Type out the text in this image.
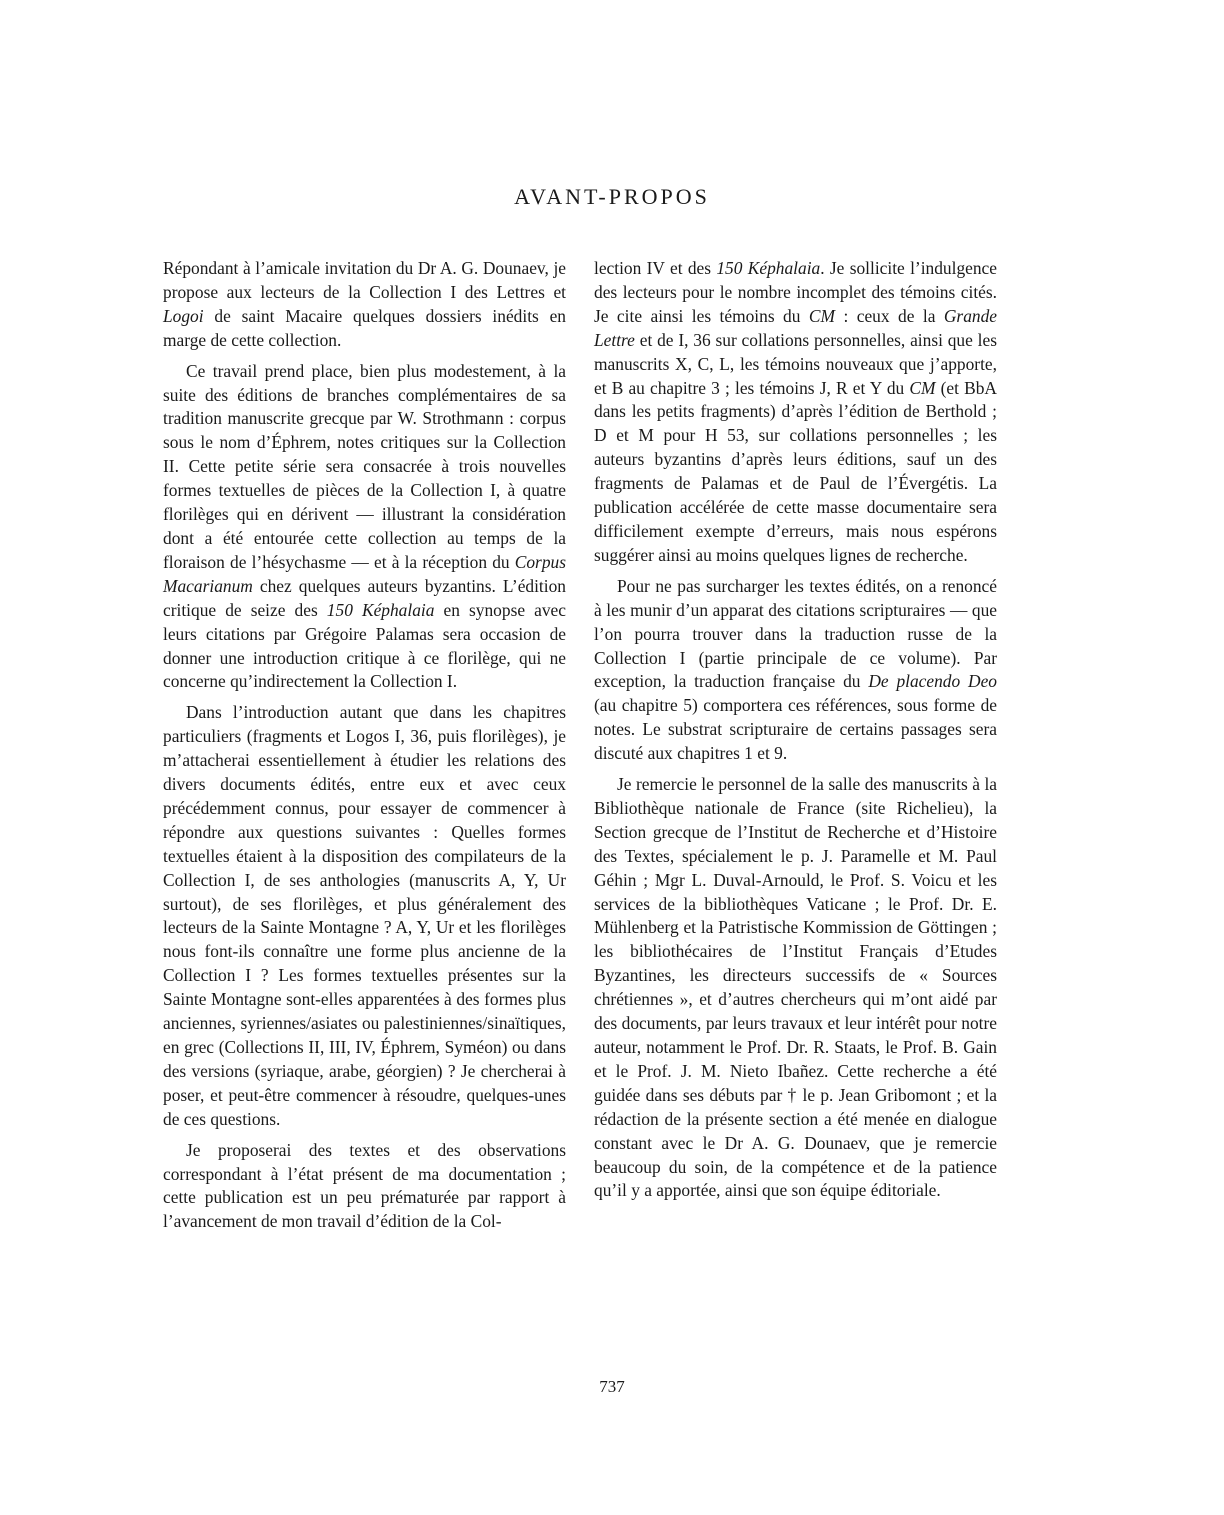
AVANT-PROPOS

Répondant à l’amicale invitation du Dr A. G. Dounaev, je propose aux lecteurs de la Collection I des Lettres et Logoi de saint Macaire quelques dossiers inédits en marge de cette collection.

Ce travail prend place, bien plus modestement, à la suite des éditions de branches complémentaires de sa tradition manuscrite grecque par W. Strothmann : corpus sous le nom d’Éphrem, notes critiques sur la Collection II. Cette petite série sera consacrée à trois nouvelles formes textuelles de pièces de la Collection I, à quatre florilèges qui en dérivent — illustrant la considération dont a été entourée cette collection au temps de la floraison de l’hésychasme — et à la réception du Corpus Macarianum chez quelques auteurs byzantins. L’édition critique de seize des 150 Képhalaia en synopse avec leurs citations par Grégoire Palamas sera occasion de donner une introduction critique à ce florilège, qui ne concerne qu’indirectement la Collection I.

Dans l’introduction autant que dans les chapitres particuliers (fragments et Logos I, 36, puis florilèges), je m’attacherai essentiellement à étudier les relations des divers documents édités, entre eux et avec ceux précédemment connus, pour essayer de commencer à répondre aux questions suivantes : Quelles formes textuelles étaient à la disposition des compilateurs de la Collection I, de ses anthologies (manuscrits A, Y, Ur surtout), de ses florilèges, et plus généralement des lecteurs de la Sainte Montagne ? A, Y, Ur et les florilèges nous font-ils connaître une forme plus ancienne de la Collection I ? Les formes textuelles présentes sur la Sainte Montagne sont-elles apparentées à des formes plus anciennes, syriennes/asiates ou palestiniennes/sinaïtiques, en grec (Collections II, III, IV, Éphrem, Syméon) ou dans des versions (syriaque, arabe, géorgien) ? Je chercherai à poser, et peut-être commencer à résoudre, quelques-unes de ces questions.

Je proposerai des textes et des observations correspondant à l’état présent de ma documentation ; cette publication est un peu prématurée par rapport à l’avancement de mon travail d’édition de la Col-

lection IV et des 150 Képhalaia. Je sollicite l’indulgence des lecteurs pour le nombre incomplet des témoins cités. Je cite ainsi les témoins du CM : ceux de la Grande Lettre et de I, 36 sur collations personnelles, ainsi que les manuscrits X, C, L, les témoins nouveaux que j’apporte, et B au chapitre 3 ; les témoins J, R et Y du CM (et BbA dans les petits fragments) d’après l’édition de Berthold ; D et M pour H 53, sur collations personnelles ; les auteurs byzantins d’après leurs éditions, sauf un des fragments de Palamas et de Paul de l’Évergétis. La publication accélérée de cette masse documentaire sera difficilement exempte d’erreurs, mais nous espérons suggérer ainsi au moins quelques lignes de recherche.

Pour ne pas surcharger les textes édités, on a renoncé à les munir d’un apparat des citations scripturaires — que l’on pourra trouver dans la traduction russe de la Collection I (partie principale de ce volume). Par exception, la traduction française du De placendo Deo (au chapitre 5) comportera ces références, sous forme de notes. Le substrat scripturaire de certains passages sera discuté aux chapitres 1 et 9.

Je remercie le personnel de la salle des manuscrits à la Bibliothèque nationale de France (site Richelieu), la Section grecque de l’Institut de Recherche et d’Histoire des Textes, spécialement le p. J. Paramelle et M. Paul Géhin ; Mgr L. Duval-Arnould, le Prof. S. Voicu et les services de la bibliothèques Vaticane ; le Prof. Dr. E. Mühlenberg et la Patristische Kommission de Göttingen ; les bibliothécaires de l’Institut Français d’Etudes Byzantines, les directeurs successifs de « Sources chrétiennes », et d’autres chercheurs qui m’ont aidé par des documents, par leurs travaux et leur intérêt pour notre auteur, notamment le Prof. Dr. R. Staats, le Prof. B. Gain et le Prof. J. M. Nieto Ibañez. Cette recherche a été guidée dans ses débuts par † le p. Jean Gribomont ; et la rédaction de la présente section a été menée en dialogue constant avec le Dr A. G. Dounaev, que je remercie beaucoup du soin, de la compétence et de la patience qu’il y a apportée, ainsi que son équipe éditoriale.

737
